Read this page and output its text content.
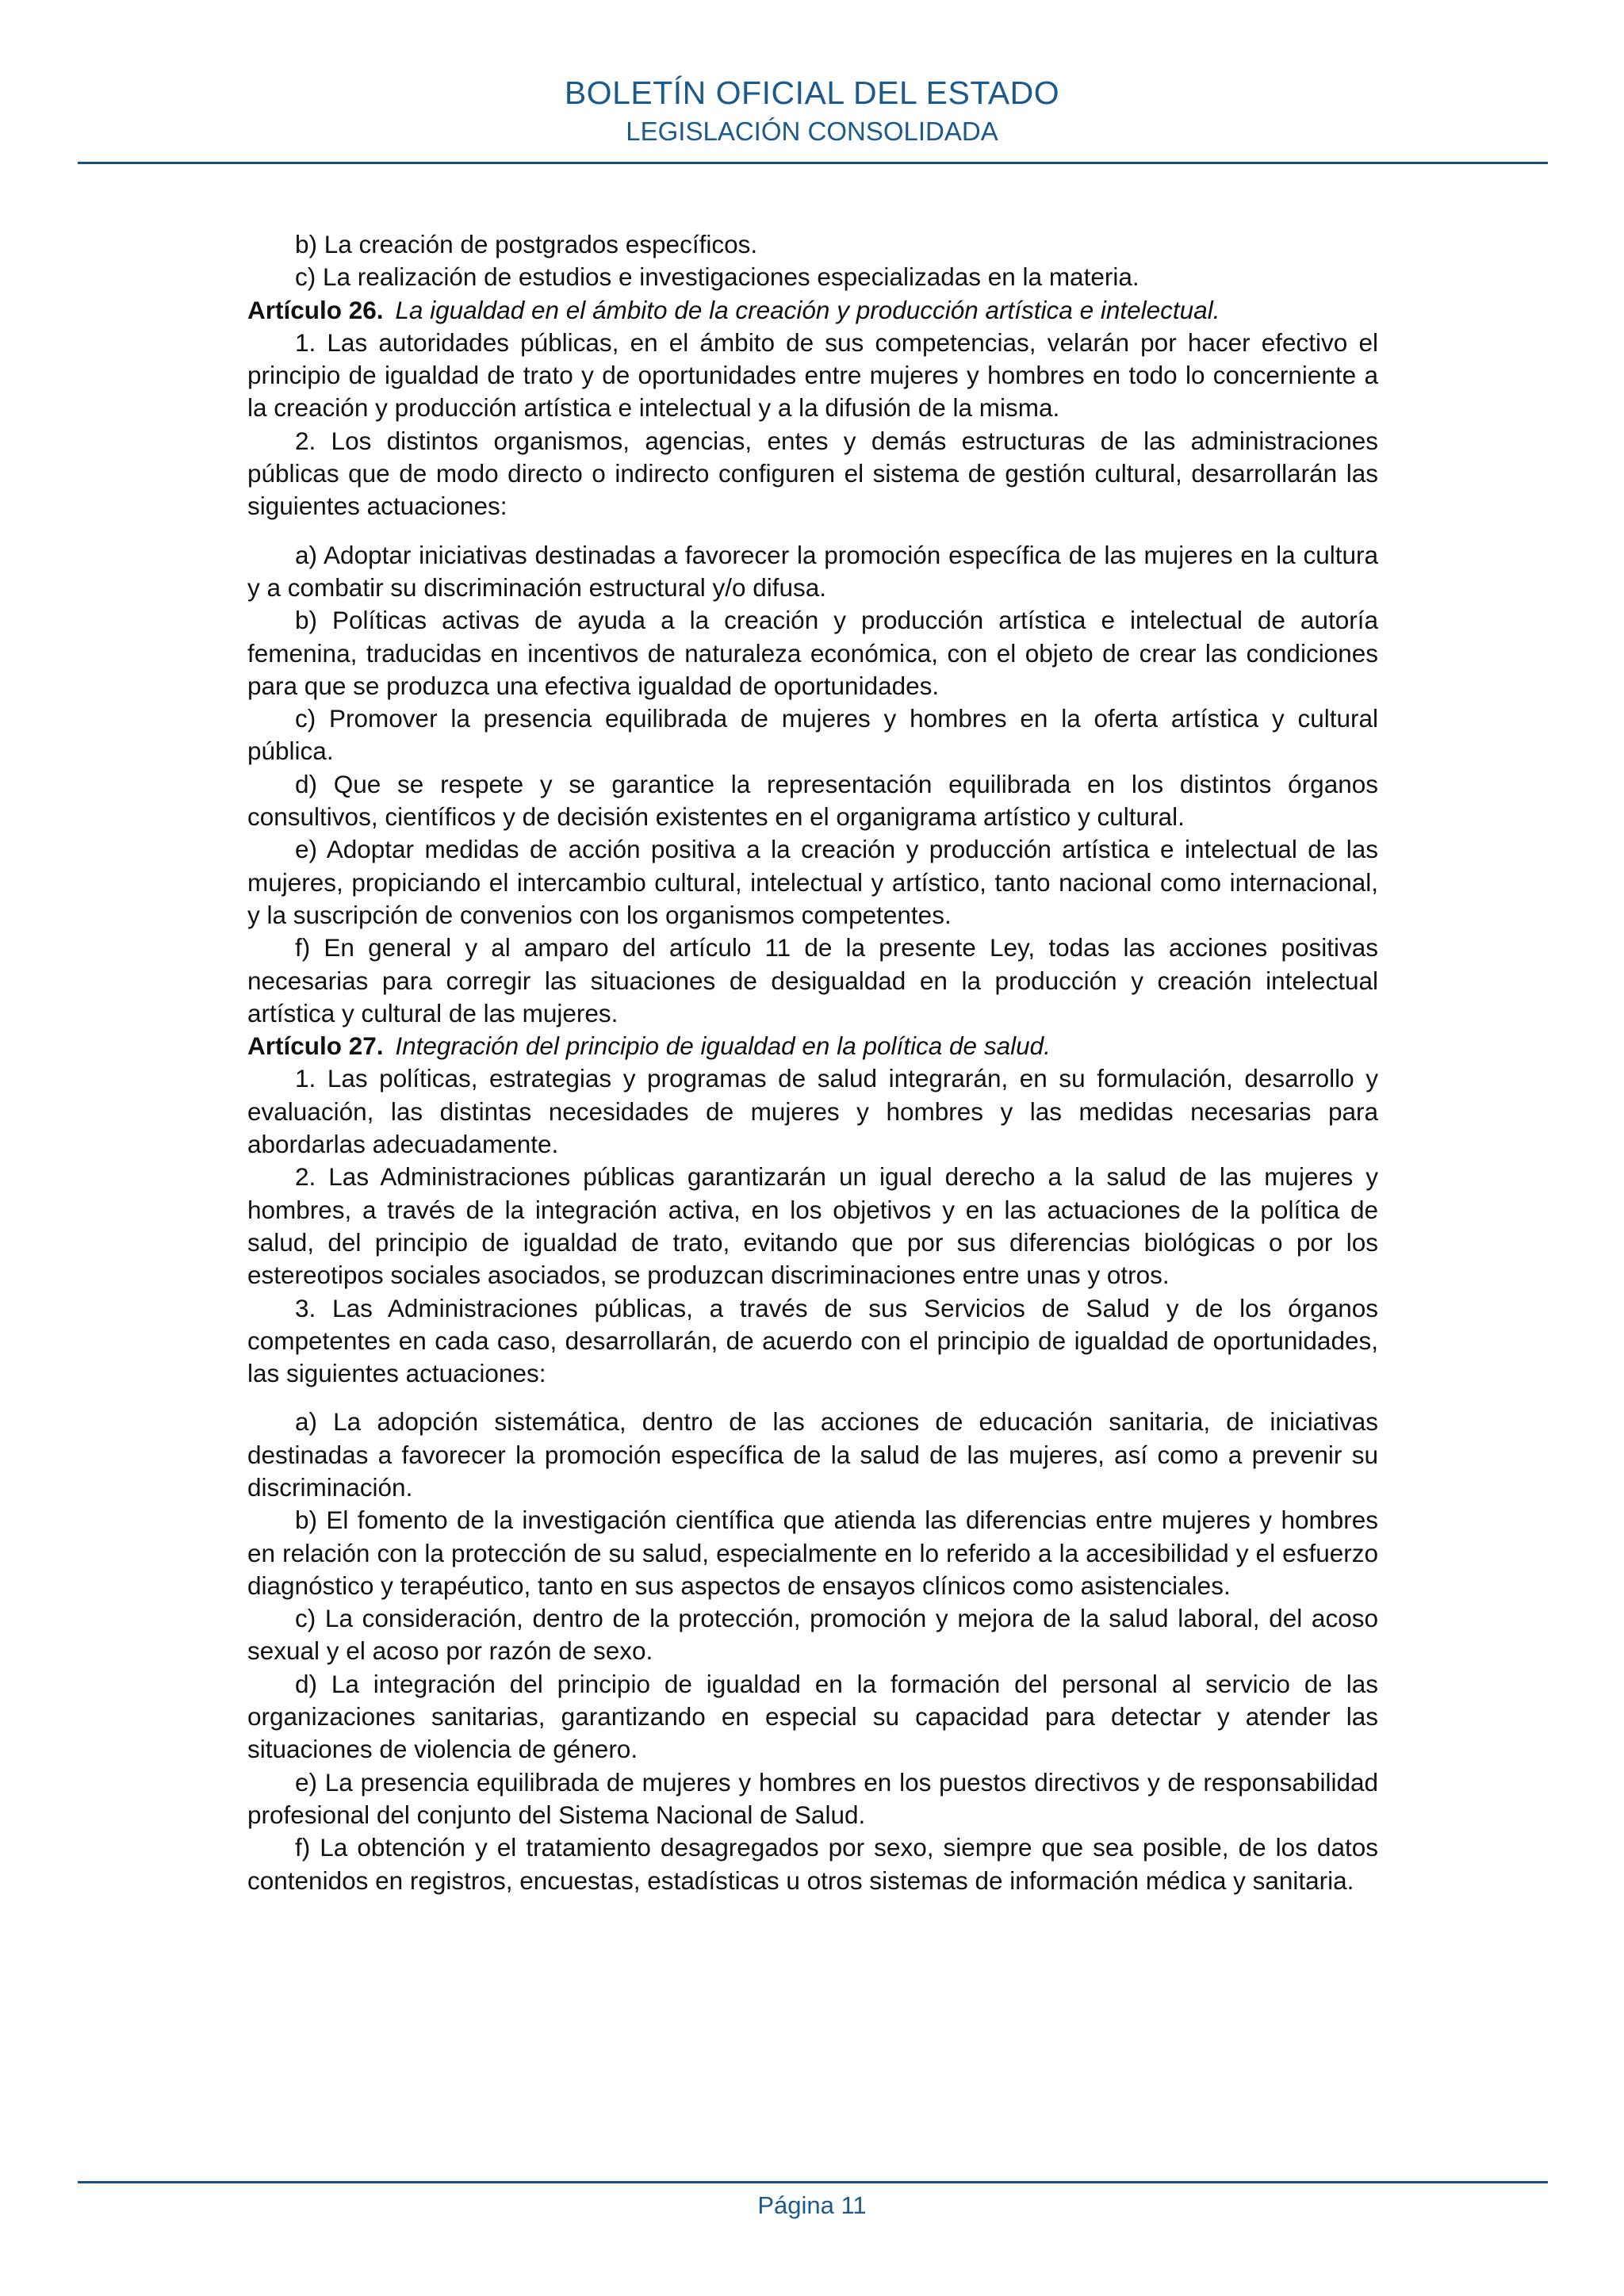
BOLETÍN OFICIAL DEL ESTADO
LEGISLACIÓN CONSOLIDADA

b) La creación de postgrados específicos.

c) La realización de estudios e investigaciones especializadas en la materia.

Artículo 26. La igualdad en el ámbito de la creación y producción artística e intelectual.

1. Las autoridades públicas, en el ámbito de sus competencias, velarán por hacer efectivo el principio de igualdad de trato y de oportunidades entre mujeres y hombres en todo lo concerniente a la creación y producción artística e intelectual y a la difusión de la misma.

2. Los distintos organismos, agencias, entes y demás estructuras de las administraciones públicas que de modo directo o indirecto configuren el sistema de gestión cultural, desarrollarán las siguientes actuaciones:

a) Adoptar iniciativas destinadas a favorecer la promoción específica de las mujeres en la cultura y a combatir su discriminación estructural y/o difusa.

b) Políticas activas de ayuda a la creación y producción artística e intelectual de autoría femenina, traducidas en incentivos de naturaleza económica, con el objeto de crear las condiciones para que se produzca una efectiva igualdad de oportunidades.

c) Promover la presencia equilibrada de mujeres y hombres en la oferta artística y cultural pública.

d) Que se respete y se garantice la representación equilibrada en los distintos órganos consultivos, científicos y de decisión existentes en el organigrama artístico y cultural.

e) Adoptar medidas de acción positiva a la creación y producción artística e intelectual de las mujeres, propiciando el intercambio cultural, intelectual y artístico, tanto nacional como internacional, y la suscripción de convenios con los organismos competentes.

f) En general y al amparo del artículo 11 de la presente Ley, todas las acciones positivas necesarias para corregir las situaciones de desigualdad en la producción y creación intelectual artística y cultural de las mujeres.

Artículo 27. Integración del principio de igualdad en la política de salud.

1. Las políticas, estrategias y programas de salud integrarán, en su formulación, desarrollo y evaluación, las distintas necesidades de mujeres y hombres y las medidas necesarias para abordarlas adecuadamente.

2. Las Administraciones públicas garantizarán un igual derecho a la salud de las mujeres y hombres, a través de la integración activa, en los objetivos y en las actuaciones de la política de salud, del principio de igualdad de trato, evitando que por sus diferencias biológicas o por los estereotipos sociales asociados, se produzcan discriminaciones entre unas y otros.

3. Las Administraciones públicas, a través de sus Servicios de Salud y de los órganos competentes en cada caso, desarrollarán, de acuerdo con el principio de igualdad de oportunidades, las siguientes actuaciones:

a) La adopción sistemática, dentro de las acciones de educación sanitaria, de iniciativas destinadas a favorecer la promoción específica de la salud de las mujeres, así como a prevenir su discriminación.

b) El fomento de la investigación científica que atienda las diferencias entre mujeres y hombres en relación con la protección de su salud, especialmente en lo referido a la accesibilidad y el esfuerzo diagnóstico y terapéutico, tanto en sus aspectos de ensayos clínicos como asistenciales.

c) La consideración, dentro de la protección, promoción y mejora de la salud laboral, del acoso sexual y el acoso por razón de sexo.

d) La integración del principio de igualdad en la formación del personal al servicio de las organizaciones sanitarias, garantizando en especial su capacidad para detectar y atender las situaciones de violencia de género.

e) La presencia equilibrada de mujeres y hombres en los puestos directivos y de responsabilidad profesional del conjunto del Sistema Nacional de Salud.

f) La obtención y el tratamiento desagregados por sexo, siempre que sea posible, de los datos contenidos en registros, encuestas, estadísticas u otros sistemas de información médica y sanitaria.

Página 11
